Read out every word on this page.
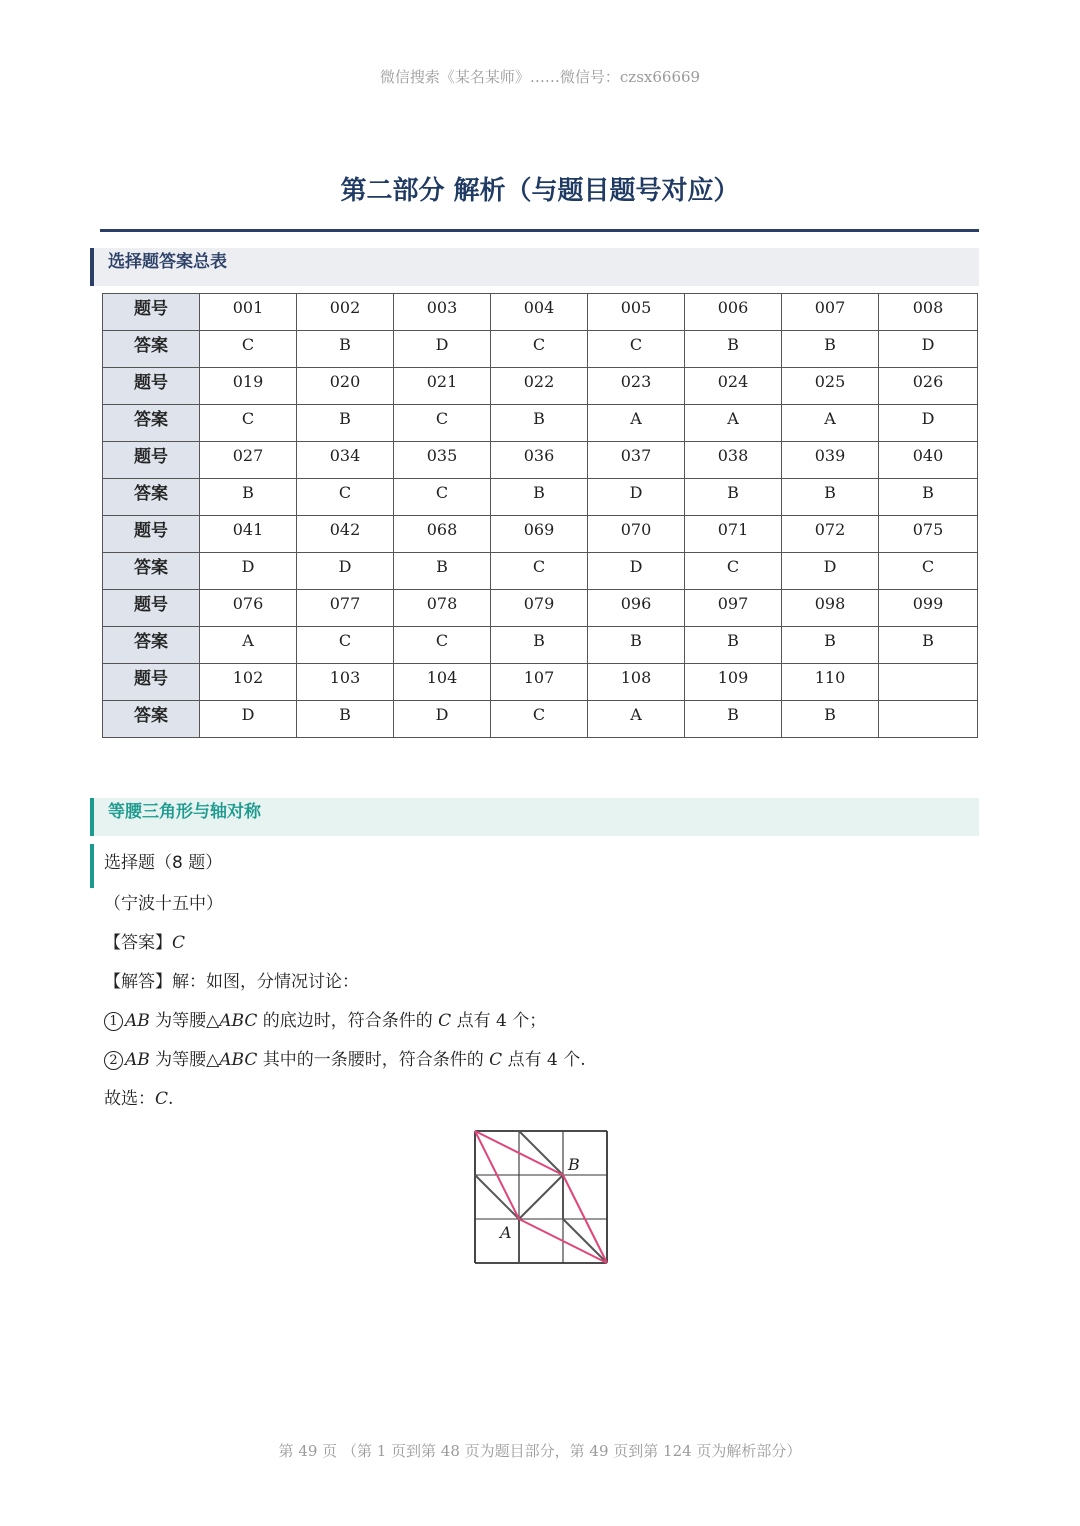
微信搜索《某名某师》……微信号：czsx66669
第二部分 解析（与题目题号对应）
选择题答案总表
题号	001	002	003	004	005	006	007	008
答案	C	B	D	C	C	B	B	D
题号	019	020	021	022	023	024	025	026
答案	C	B	C	B	A	A	A	D
题号	027	034	035	036	037	038	039	040
答案	B	C	C	B	D	B	B	B
题号	041	042	068	069	070	071	072	075
答案	D	D	B	C	D	C	D	C
题号	076	077	078	079	096	097	098	099
答案	A	C	C	B	B	B	B	B
题号	102	103	104	107	108	109	110	
答案	D	B	D	C	A	B	B	
等腰三角形与轴对称
选择题（8 题）
（宁波十五中）
【答案】C
【解答】解：如图，分情况讨论：
1 AB 为等腰△ABC 的底边时，符合条件的 C 点有 4 个；
2 AB 为等腰△ABC 其中的一条腰时，符合条件的 C 点有 4 个.
故选：C.
B
A
第 49 页 （第 1 页到第 48 页为题目部分，第 49 页到第 124 页为解析部分）
